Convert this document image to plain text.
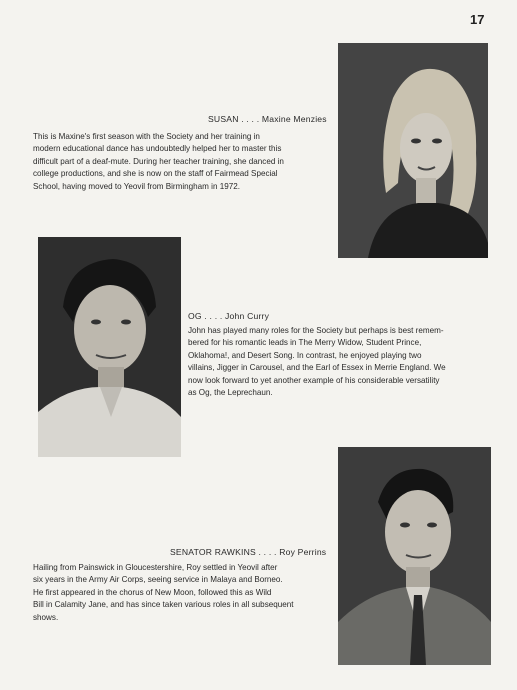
17
SUSAN . . . . Maxine Menzies

This is Maxine's first season with the Society and her training in
modern educational dance has undoubtedly helped her to master this
difficult part of a deaf-mute. During her teacher training, she danced in
college productions, and she is now on the staff of Fairmead Special
School, having moved to Yeovil from Birmingham in 1972.

OG . . . . John Curry

John has played many roles for the Society but perhaps is best remem-
bered for his romantic leads in The Merry Widow, Student Prince,
Oklahoma!, and Desert Song. In contrast, he enjoyed playing two
villains, Jigger in Carousel, and the Earl of Essex in Merrie England. We
now look forward to yet another example of his considerable versatility
as Og, the Leprechaun.

SENATOR RAWKINS . . . . Roy Perrins

Hailing from Painswick in Gloucestershire, Roy settled in Yeovil after
six years in the Army Air Corps, seeing service in Malaya and Borneo.
He first appeared in the chorus of New Moon, followed this as Wild
Bill in Calamity Jane, and has since taken various roles in all subsequent
shows.
